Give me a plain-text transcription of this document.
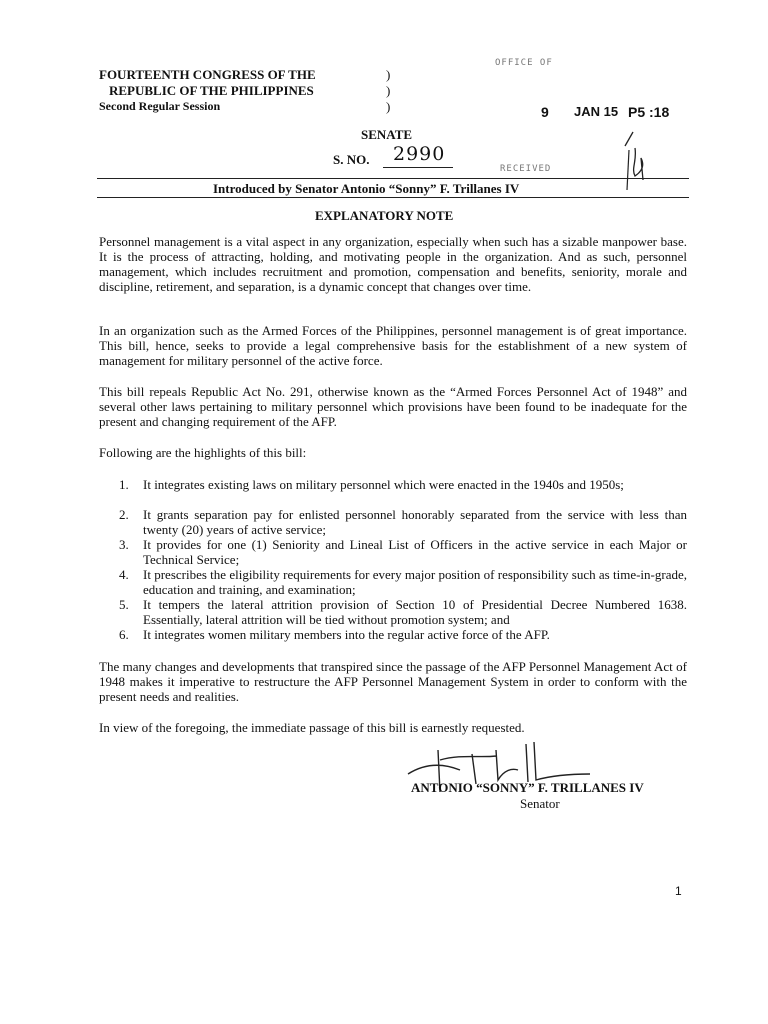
FOURTEENTH CONGRESS OF THE
REPUBLIC OF THE PHILIPPINES
Second Regular Session
)
)
)
OFFICE OF
9 JAN 15 P5 :18
RECEIVED
SENATE
S. NO. 2990
Introduced by Senator Antonio “Sonny” F. Trillanes IV
EXPLANATORY NOTE
Personnel management is a vital aspect in any organization, especially when such has a sizable manpower base. It is the process of attracting, holding, and motivating people in the organization. And as such, personnel management, which includes recruitment and promotion, compensation and benefits, seniority, morale and discipline, retirement, and separation, is a dynamic concept that changes over time.
In an organization such as the Armed Forces of the Philippines, personnel management is of great importance. This bill, hence, seeks to provide a legal comprehensive basis for the establishment of a new system of management for military personnel of the active force.
This bill repeals Republic Act No. 291, otherwise known as the “Armed Forces Personnel Act of 1948” and several other laws pertaining to military personnel which provisions have been found to be inadequate for the present and changing requirement of the AFP.
Following are the highlights of this bill:
1. It integrates existing laws on military personnel which were enacted in the 1940s and 1950s;
2. It grants separation pay for enlisted personnel honorably separated from the service with less than twenty (20) years of active service;
3. It provides for one (1) Seniority and Lineal List of Officers in the active service in each Major or Technical Service;
4. It prescribes the eligibility requirements for every major position of responsibility such as time-in-grade, education and training, and examination;
5. It tempers the lateral attrition provision of Section 10 of Presidential Decree Numbered 1638. Essentially, lateral attrition will be tied without promotion system; and
6. It integrates women military members into the regular active force of the AFP.
The many changes and developments that transpired since the passage of the AFP Personnel Management Act of 1948 makes it imperative to restructure the AFP Personnel Management System in order to conform with the present needs and realities.
In view of the foregoing, the immediate passage of this bill is earnestly requested.
ANTONIO “SONNY” F. TRILLANES IV
Senator
1
